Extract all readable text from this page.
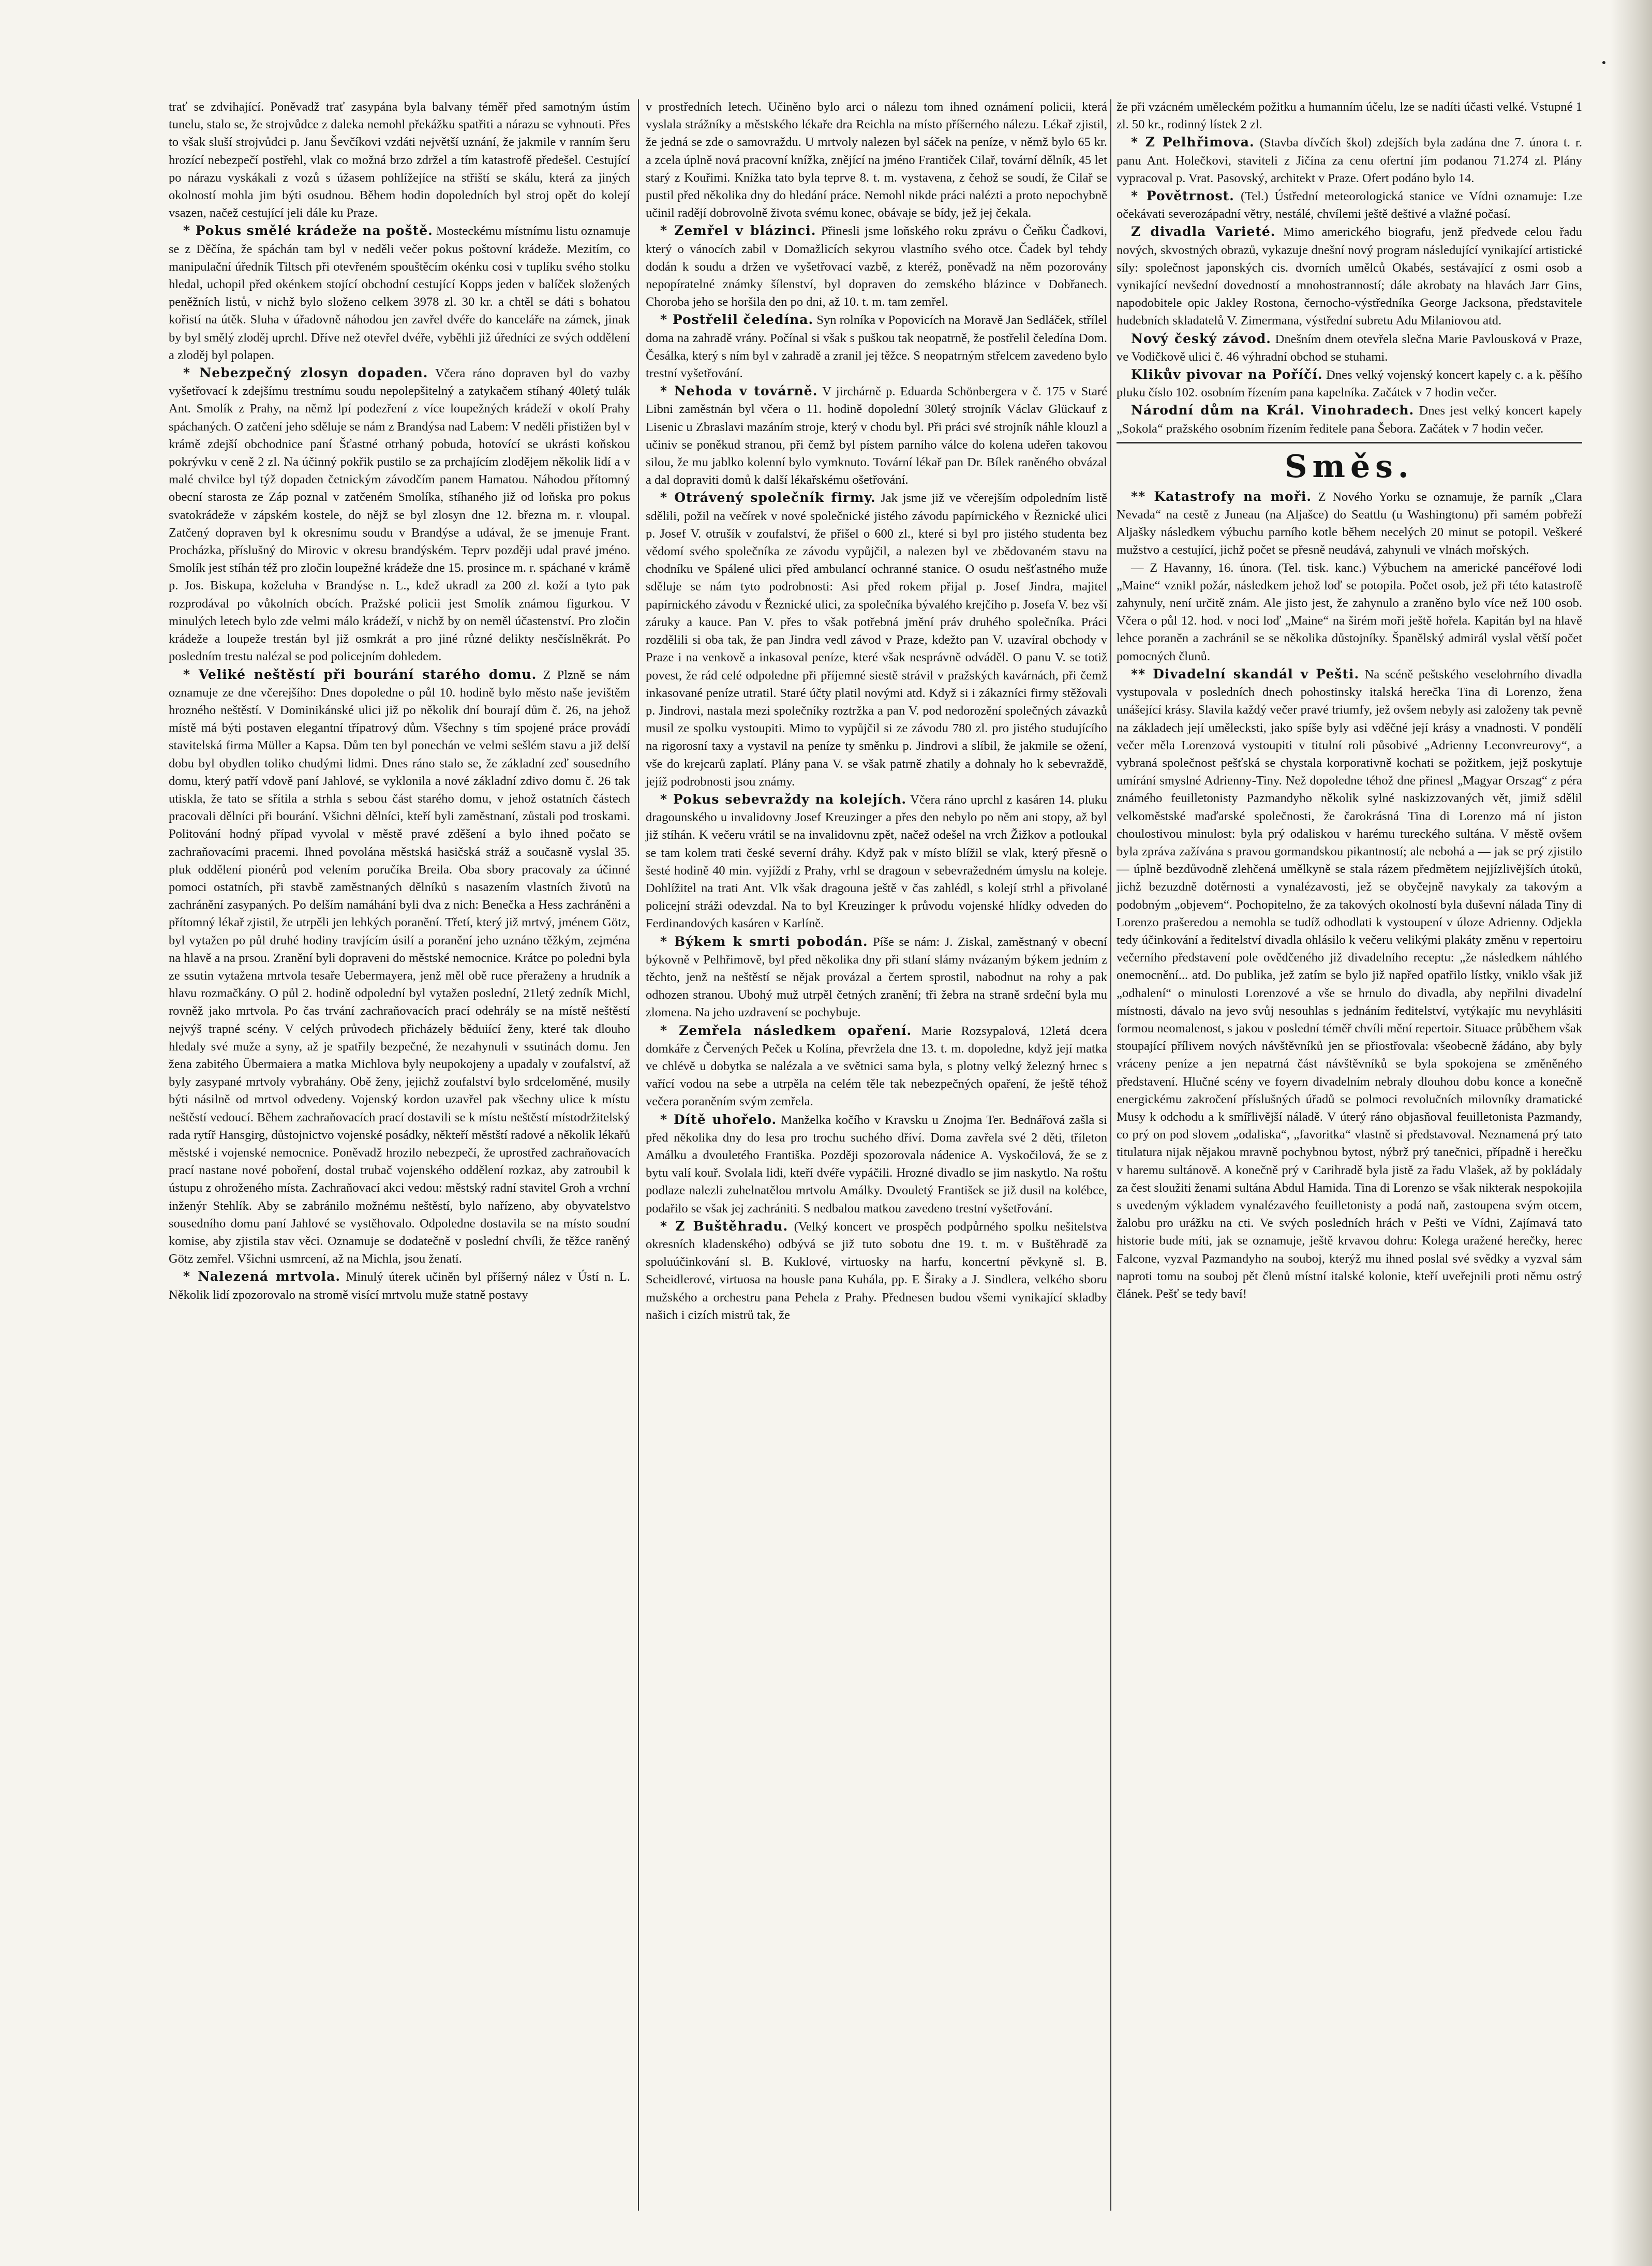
trať se zdvihající. Poněvadž trať zasypána byla balvany téměř před samotným ústím tunelu, stalo se, že strojvůdce z daleka nemohl překážku spatřiti a nárazu se vyhnouti. Přes to však sluší strojvůdci p. Janu Ševčíkovi vzdáti největší uznání, že jakmile v ranním šeru hrozící nebezpečí postřehl, vlak co možná brzo zdržel a tím katastrofě předešel. Cestující po nárazu vyskákali z vozů s úžasem pohlížejíce na střiští se skálu, která za jiných okolností mohla jim býti osudnou. Během hodin dopoledních byl stroj opět do kolejí vsazen, načež cestující jeli dále ku Praze.

* Pokus smělé krádeže na poště. Mosteckému místnímu listu oznamuje se z Děčína, že spáchán tam byl v neděli večer pokus poštovní krádeže. Mezitím, co manipulační úředník Tiltsch při otevřeném spouštěcím okénku cosi v tuplíku svého stolku hledal, uchopil před okénkem stojící obchodní cestující Kopps jeden v balíček složených peněžních listů, v nichž bylo složeno celkem 3978 zl. 30 kr. a chtěl se dáti s bohatou kořistí na útěk. Sluha v úřadovně náhodou jen zavřel dvéře do kanceláře na zámek, jinak by byl smělý zloděj uprchl. Dříve než otevřel dvéře, vyběhli již úředníci ze svých oddělení a zloděj byl polapen.

* Nebezpečný zlosyn dopaden. Včera ráno dopraven byl do vazby vyšetřovací k zdejšímu trestnímu soudu nepolepšitelný a zatykačem stíhaný 40letý tulák Ant. Smolík z Prahy, na němž lpí podezření z více loupežných krádeží v okolí Prahy spáchaných. O zatčení jeho sděluje se nám z Brandýsa nad Labem: V neděli přistižen byl v krámě zdejší obchodnice paní Šťastné otrhaný pobuda, hotovící se ukrásti koňskou pokrývku v ceně 2 zl. Na účinný pokřik pustilo se za prchajícím zlodějem několik lidí a v malé chvilce byl týž dopaden četnickým závodčím panem Hamatou. Náhodou přítomný obecní starosta ze Záp poznal v zatčeném Smolíka, stíhaného již od loňska pro pokus svatokrádeže v zápském kostele, do nějž se byl zlosyn dne 12. března m. r. vloupal. Zatčený dopraven byl k okresnímu soudu v Brandýse a udával, že se jmenuje Frant. Procházka, příslušný do Mirovic v okresu brandýském. Teprv později udal pravé jméno. Smolík jest stíhán též pro zločin loupežné krádeže dne 15. prosince m. r. spáchané v krámě p. Jos. Biskupa, koželuha v Brandýse n. L., kdež ukradl za 200 zl. koží a tyto pak rozprodával po vůkolních obcích. Pražské policii jest Smolík známou figurkou. V minulých letech bylo zde velmi málo krádeží, v nichž by on neměl účastenství. Pro zločin krádeže a loupeže trestán byl již osmkrát a pro jiné různé delikty nesčíslněkrát. Po posledním trestu nalézal se pod policejním dohledem.

* Veliké neštěstí při bourání starého domu. Z Plzně se nám oznamuje ze dne včerejšího: Dnes dopoledne o půl 10. hodině bylo město naše jevištěm hrozného neštěstí. V Dominikánské ulici již po několik dní bourají dům č. 26, na jehož místě má býti postaven elegantní třípatrový dům. Všechny s tím spojené práce provádí stavitelská firma Müller a Kapsa. Dům ten byl ponechán ve velmi sešlém stavu a již delší dobu byl obydlen toliko chudými lidmi. Dnes ráno stalo se, že základní zeď sousedního domu, který patří vdově paní Jahlové, se vyklonila a nové základní zdivo domu č. 26 tak utiskla, že tato se sřítila a strhla s sebou část starého domu, v jehož ostatních částech pracovali dělníci při bourání. Všichni dělníci, kteří byli zaměstnaní, zůstali pod troskami. Politování hodný případ vyvolal v městě pravé zděšení a bylo ihned počato se zachraňovacími pracemi. Ihned povolána městská hasičská stráž a současně vyslal 35. pluk oddělení pionérů pod velením poručíka Breila. Oba sbory pracovaly za účinné pomoci ostatních, při stavbě zaměstnaných dělníků s nasazením vlastních životů na zachránění zasypaných. Po delším namáhání byli dva z nich: Benečka a Hess zachráněni a přítomný lékař zjistil, že utrpěli jen lehkých poranění. Třetí, který již mrtvý, jménem Götz, byl vytažen po půl druhé hodiny travjícím úsilí a poranění jeho uznáno těžkým, zejména na hlavě a na prsou. Zranění byli dopraveni do městské nemocnice. Krátce po poledni byla ze ssutin vytažena mrtvola tesaře Uebermayera, jenž měl obě ruce přeraženy a hrudník a hlavu rozmačkány. O půl 2. hodině odpolední byl vytažen poslední, 21letý zedník Michl, rovněž jako mrtvola. Po čas trvání zachraňovacích prací odehrály se na místě neštěstí nejvýš trapné scény. V celých průvodech přicházely běduiící ženy, které tak dlouho hledaly své muže a syny, až je spatřily bezpečné, že nezahynuli v ssutinách domu. Jen žena zabitého Übermaiera a matka Michlova byly neupokojeny a upadaly v zoufalství, až byly zasypané mrtvoly vybrahány. Obě ženy, jejichž zoufalství bylo srdceloměné, musily býti násilně od mrtvol odvedeny. Vojenský kordon uzavřel pak všechny ulice k místu neštěstí vedoucí. Během zachraňovacích prací dostavili se k místu neštěstí místodržitelský rada rytíř Hansgirg, důstojnictvo vojenské posádky, někteří městští radové a několik lékařů městské i vojenské nemocnice. Poněvadž hrozilo nebezpečí, že uprostřed zachraňovacích prací nastane nové poboření, dostal trubač vojenského oddělení rozkaz, aby zatroubil k ústupu z ohroženého místa. Zachraňovací akci vedou: městský radní stavitel Groh a vrchní inženýr Stehlík. Aby se zabránilo možnému neštěstí, bylo nařízeno, aby obyvatelstvo sousedního domu paní Jahlové se vystěhovalo. Odpoledne dostavila se na místo soudní komise, aby zjistila stav věci. Oznamuje se dodatečně v poslední chvíli, že těžce raněný Götz zemřel. Všichni usmrcení, až na Michla, jsou ženatí.

* Nalezená mrtvola. Minulý úterek učiněn byl příšerný nález v Ústí n. L. Několik lidí zpozorovalo na stromě visící mrtvolu muže statně postavy

v prostředních letech. Učiněno bylo arci o nálezu tom ihned oznámení policii, která vyslala strážníky a městského lékaře dra Reichla na místo příšerného nálezu. Lékař zjistil, že jedná se zde o samovraždu. U mrtvoly nalezen byl sáček na peníze, v němž bylo 65 kr. a zcela úplně nová pracovní knížka, znějící na jméno Frantiček Cilař, tovární dělník, 45 let starý z Kouřimi. Knížka tato byla teprve 8. t. m. vystavena, z čehož se soudí, že Cilař se pustil před několika dny do hledání práce. Nemohl nikde práci nalézti a proto nepochybně učinil radějí dobrovolně života svému konec, obávaje se bídy, jež jej čekala.

* Zemřel v blázinci. Přinesli jsme loňského roku zprávu o Čeňku Čadkovi, který o vánocích zabil v Domažlicích sekyrou vlastního svého otce. Čadek byl tehdy dodán k soudu a držen ve vyšetřovací vazbě, z kteréž, poněvadž na něm pozorovány nepopíratelné známky šílenství, byl dopraven do zemského blázince v Dobřanech. Choroba jeho se horšila den po dni, až 10. t. m. tam zemřel.

* Postřelil čeledína. Syn rolníka v Popovicích na Moravě Jan Sedláček, střílel doma na zahradě vrány. Počínal si však s puškou tak neopatrně, že postřelil čeledína Dom. Česálka, který s ním byl v zahradě a zranil jej těžce. S neopatrným střelcem zavedeno bylo trestní vyšetřování.

* Nehoda v továrně. V jirchárně p. Eduarda Schönbergera v č. 175 v Staré Libni zaměstnán byl včera o 11. hodině dopolední 30letý strojník Václav Glückauf z Lisenic u Zbraslavi mazáním stroje, který v chodu byl. Při práci své strojník náhle klouzl a učiniv se poněkud stranou, při čemž byl pístem parního válce do kolena udeřen takovou silou, že mu jablko kolenní bylo vymknuto. Tovární lékař pan Dr. Bílek raněného obvázal a dal dopraviti domů k další lékařskému ošetřování.

* Otrávený společník firmy. Jak jsme již ve včerejším odpoledním listě sdělili, požil na večírek v nové společnické jistého závodu papírnického v Řeznické ulici p. Josef V. otrušík v zoufalství, že přišel o 600 zl., které si byl pro jistého studenta bez vědomí svého společníka ze závodu vypůjčil, a nalezen byl ve zbědovaném stavu na chodníku ve Spálené ulici před ambulancí ochranné stanice. O osudu nešťastného muže sděluje se nám tyto podrobnosti: Asi před rokem přijal p. Josef Jindra, majitel papírnického závodu v Řeznické ulici, za společníka bývalého krejčího p. Josefa V. bez vší záruky a kauce. Pan V. přes to však potřebná jmění práv druhého společníka. Práci rozdělili si oba tak, že pan Jindra vedl závod v Praze, kdežto pan V. uzavíral obchody v Praze i na venkově a inkasoval peníze, které však nesprávně odváděl. O panu V. se totiž povest, že rád celé odpoledne při příjemné siestě strávil v pražských kavárnách, při čemž inkasované peníze utratil. Staré účty platil novými atd. Když si i zákazníci firmy stěžovali p. Jindrovi, nastala mezi společníky roztržka a pan V. pod nedorozění společných závazků musil ze spolku vystoupiti. Mimo to vypůjčil si ze závodu 780 zl. pro jistého studujícího na rigorosní taxy a vystavil na peníze ty směnku p. Jindrovi a slíbil, že jakmile se ožení, vše do krejcarů zaplatí. Plány pana V. se však patrně zhatily a dohnaly ho k sebevraždě, jejíž podrobnosti jsou známy.

* Pokus sebevraždy na kolejích. Včera ráno uprchl z kasáren 14. pluku dragounského u invalidovny Josef Kreuzinger a přes den nebylo po něm ani stopy, až byl již stíhán. K večeru vrátil se na invalidovnu zpět, načež odešel na vrch Žižkov a potloukal se tam kolem trati české severní dráhy. Když pak v místo blížil se vlak, který přesně o šesté hodině 40 min. vyjíždí z Prahy, vrhl se dragoun v sebevražedném úmyslu na koleje. Dohlížitel na trati Ant. Vlk však dragouna ještě v čas zahlédl, s kolejí strhl a přivolané policejní stráži odevzdal. Na to byl Kreuzinger k průvodu vojenské hlídky odveden do Ferdinandových kasáren v Karlíně.

* Býkem k smrti pobodán. Píše se nám: J. Ziskal, zaměstnaný v obecní býkovně v Pelhřimově, byl před několika dny při stlaní slámy nvázaným býkem jedním z těchto, jenž na neštěstí se nějak provázal a čertem sprostil, nabodnut na rohy a pak odhozen stranou. Ubohý muž utrpěl četných zranění; tři žebra na straně srdeční byla mu zlomena. Na jeho uzdravení se pochybuje.

* Zemřela následkem opaření. Marie Rozsypalová, 12letá dcera domkáře z Červených Peček u Kolína, převržela dne 13. t. m. dopoledne, když její matka ve chlévě u dobytka se nalézala a ve světnici sama byla, s plotny velký železný hrnec s vařící vodou na sebe a utrpěla na celém těle tak nebezpečných opaření, že ještě téhož večera poraněním svým zemřela.

* Dítě uhořelo. Manželka kočího v Kravsku u Znojma Ter. Bednářová zašla si před několika dny do lesa pro trochu suchého dříví. Doma zavřela své 2 děti, tříleton Amálku a dvouletého Františka. Později spozorovala nádenice A. Vyskočilová, že se z bytu valí kouř. Svolala lidi, kteří dvéře vypáčili. Hrozné divadlo se jim naskytlo. Na roštu podlaze nalezli zuhelnatělou mrtvolu Amálky. Dvouletý František se již dusil na kolébce, podařilo se však jej zachrániti. S nedbalou matkou zavedeno trestní vyšetřování.

* Z Buštěhradu. (Velký koncert ve prospěch podpůrného spolku nešitelstva okresních kladenského) odbývá se již tuto sobotu dne 19. t. m. v Buštěhradě za spoluúčinkování sl. B. Kuklové, virtuosky na harfu, koncertní pěvkyně sl. B. Scheidlerové, virtuosa na housle pana Kuhála, pp. E Širaky a J. Sindlera, velkého sboru mužského a orchestru pana Pehela z Prahy. Přednesen budou všemi vynikající skladby našich i cizích mistrů tak, že

že při vzácném uměleckém požitku a humanním účelu, lze se nadíti účasti velké. Vstupné 1 zl. 50 kr., rodinný lístek 2 zl.

* Z Pelhřimova. (Stavba dívčích škol) zdejších byla zadána dne 7. února t. r. panu Ant. Holečkovi, staviteli z Jičína za cenu ofertní jím podanou 71.274 zl. Plány vypracoval p. Vrat. Pasovský, architekt v Praze. Ofert podáno bylo 14.

* Povětrnost. (Tel.) Ústřední meteorologická stanice ve Vídni oznamuje: Lze očekávati severozápadní větry, nestálé, chvílemi ještě deštivé a vlažné počasí.

Z divadla Varieté. Mimo amerického biografu, jenž předvede celou řadu nových, skvostných obrazů, vykazuje dnešní nový program následující vynikající artistické síly: společnost japonských cis. dvorních umělců Okabés, sestávající z osmi osob a vynikající nevšední dovedností a mnohostranností; dále akrobaty na hlavách Jarr Gins, napodobitele opic Jakley Rostona, černocho-výstředníka George Jacksona, představitele hudebních skladatelů V. Zimermana, výstřední subretu Adu Milaniovou atd.

Nový český závod. Dnešním dnem otevřela slečna Marie Pavlousková v Praze, ve Vodičkově ulici č. 46 výhradní obchod se stuhami.

Klikův pivovar na Poříčí. Dnes velký vojenský koncert kapely c. a k. pěšího pluku číslo 102. osobním řízením pana kapelníka. Začátek v 7 hodin večer.

Národní dům na Král. Vinohradech. Dnes jest velký koncert kapely „Sokola“ pražského osobním řízením ředitele pana Šebora. Začátek v 7 hodin večer.

Směs.

** Katastrofy na moři. Z Nového Yorku se oznamuje, že parník „Clara Nevada“ na cestě z Juneau (na Aljašce) do Seattlu (u Washingtonu) při samém pobřeží Aljašky následkem výbuchu parního kotle během necelých 20 minut se potopil. Veškeré mužstvo a cestující, jichž počet se přesně neudává, zahynuli ve vlnách mořských.

— Z Havanny, 16. února. (Tel. tisk. kanc.) Výbuchem na americké pancéřové lodi „Maine“ vznikl požár, následkem jehož loď se potopila. Počet osob, jež při této katastrofě zahynuly, není určitě znám. Ale jisto jest, že zahynulo a zraněno bylo více než 100 osob. Včera o půl 12. hod. v noci loď „Maine“ na širém moři ještě hořela. Kapitán byl na hlavě lehce poraněn a zachránil se se několika důstojníky. Španělský admirál vyslal větší počet pomocných člunů.

** Divadelní skandál v Pešti. Na scéně peštského veselohrního divadla vystupovala v posledních dnech pohostinsky italská herečka Tina di Lorenzo, žena unášející krásy. Slavila každý večer pravé triumfy, jež ovšem nebyly asi založeny tak pevně na základech její umělecksti, jako spíše byly asi vděčné její krásy a vnadnosti. V pondělí večer měla Lorenzová vystoupiti v titulní roli působivé „Adrienny Leconvreurovy“, a vybraná společnost pešťská se chystala korporativně kochati se požitkem, jejž poskytuje umírání smyslné Adrienny-Tiny. Než dopoledne téhož dne přinesl „Magyar Orszag“ z péra známého feuilletonisty Pazmandyho několik sylné naskizzovaných vět, jimiž sdělil velkoměstské maďarské společnosti, že čarokrásná Tina di Lorenzo má ní jiston choulostivou minulost: byla prý odaliskou v harému tureckého sultána. V městě ovšem byla zpráva zažívána s pravou gormandskou pikantností; ale nebohá a — jak se prý zjistilo — úplně bezdůvodně zlehčená umělkyně se stala rázem předmětem nejjízlivějších útoků, jichž bezuzdně dotěrnosti a vynalézavosti, jež se obyčejně navykaly za takovým a podobným „objevem“. Pochopitelno, že za takových okolností byla duševní nálada Tiny di Lorenzo prašeredou a nemohla se tudíž odhodlati k vystoupení v úloze Adrienny. Odjekla tedy účinkování a ředitelství divadla ohlásilo k večeru velikými plakáty změnu v repertoiru večerního představení pole ovědčeného již divadelního receptu: „že následkem náhlého onemocnění... atd. Do publika, jež zatím se bylo již napřed opatřilo lístky, vniklo však již „odhalení“ o minulosti Lorenzové a vše se hrnulo do divadla, aby nepřilni divadelní místnosti, dávalo na jevo svůj nesouhlas s jednáním ředitelství, vytýkajíc mu nevyhlásiti formou neomalenost, s jakou v poslední téměř chvíli mění repertoir. Situace průběhem však stoupající přílivem nových návštěvníků jen se přiostřovala: všeobecně žádáno, aby byly vráceny peníze a jen nepatrná část návštěvníků se byla spokojena se změněného představení. Hlučné scény ve foyern divadelním nebraly dlouhou dobu konce a konečně energickému zakročení příslušných úřadů se polmoci revolučních milovníky dramatické Musy k odchodu a k smířlivější náladě. V úterý ráno objasňoval feuilletonista Pazmandy, co prý on pod slovem „odaliska“, „favoritka“ vlastně si představoval. Neznamená prý tato titulatura nijak nějakou mravně pochybnou bytost, nýbrž prý tanečnici, případně i herečku v haremu sultánově. A konečně prý v Carihradě byla jistě za řadu Vlašek, až by pokládaly za čest sloužiti ženami sultána Abdul Hamida. Tina di Lorenzo se však nikterak nespokojila s uvedeným výkladem vynalézavého feuilletonisty a podá naň, zastoupena svým otcem, žalobu pro urážku na cti. Ve svých posledních hrách v Pešti ve Vídni, Zajímavá tato historie bude míti, jak se oznamuje, ještě krvavou dohru: Kolega uražené herečky, herec Falcone, vyzval Pazmandyho na souboj, kterýž mu ihned poslal své svědky a vyzval sám naproti tomu na souboj pět členů místní italské kolonie, kteří uveřejnili proti němu ostrý článek. Pešť se tedy baví!
